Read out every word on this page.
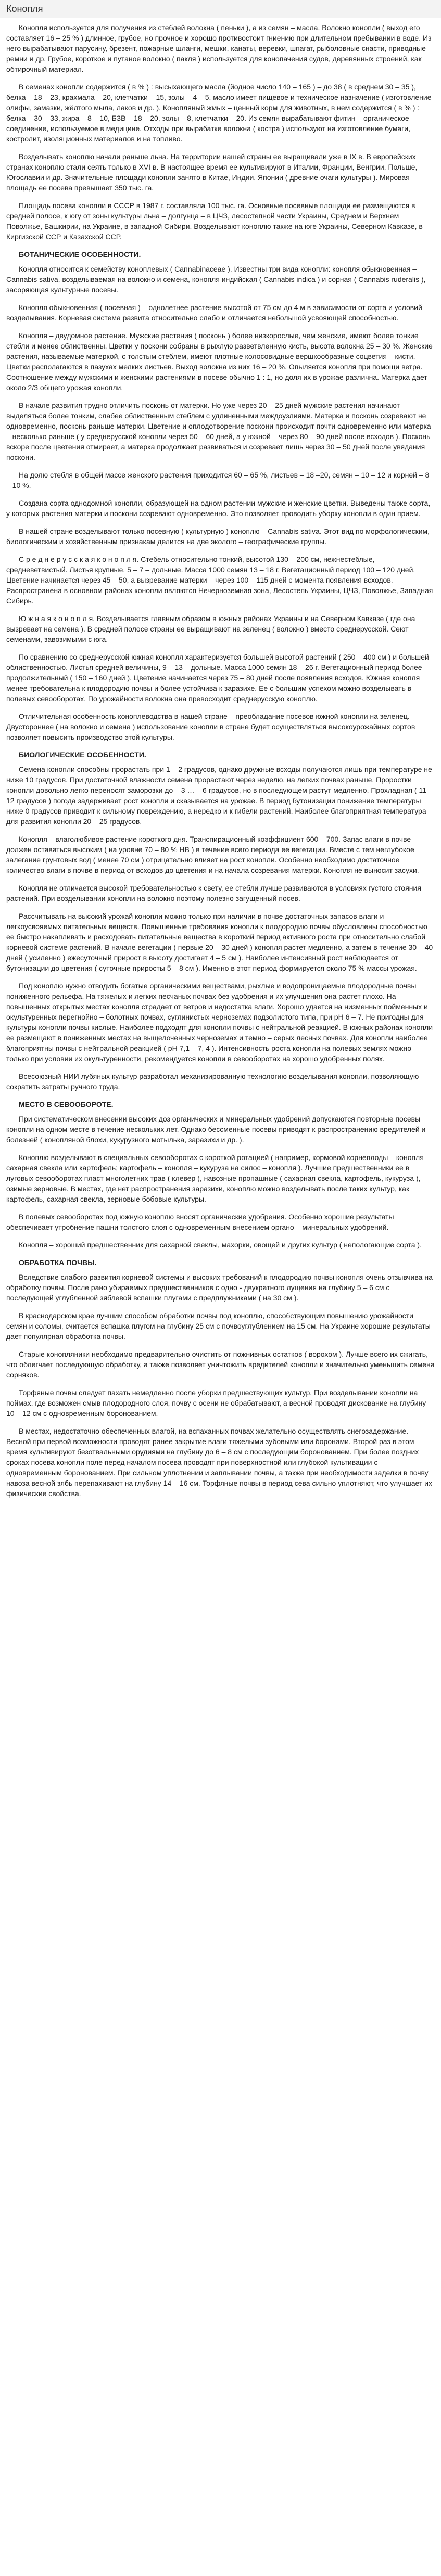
Конопля

Конопля используется для получения из стеблей волокна ( пеньки ), а из семян – масла. Волокно конопли ( выход его составляет 16 – 25 % ) длинное, грубое, но прочное и хорошо противостоит гниению при длительном пребывании в воде. Из него вырабатывают парусину, брезент, пожарные шланги, мешки, канаты, веревки, шпагат, рыболовные снасти, приводные ремни и др. Грубое, короткое и путаное волокно ( пакля ) используется для конопачения судов, деревянных строений, как обтирочный материал.

В семенах конопли содержится ( в % ) : высыхающего масла (йодное число 140 – 165 ) – до 38 ( в среднем 30 – 35 ), белка – 18 – 23, крахмала – 20, клетчатки – 15, золы – 4 – 5. масло имеет пищевое и техническое назначение ( изготовление олифы, замазки, жёлтого мыла, лаков и др. ). Конопляный жмых – ценный корм для животных, в нем содержится ( в % ) : белка – 30 – 33, жира – 8 – 10, БЗВ – 18 – 20, золы – 8, клетчатки – 20. Из семян вырабатывают фитин – органическое соединение, используемое в медицине. Отходы при вырабатке волокна ( костра ) используют на изготовление бумаги, костролит, изоляционных материалов и на топливо.

Возделывать коноплю начали раньше льна. На территории нашей страны ее выращивали уже в IX в. В европейских странах коноплю стали сеять только в XVI в. В настоящее время ее культивируют в Италии, Франции, Венгрии, Польше, Югославии и др. Значительные площади конопли занято в Китае, Индии, Японии ( древние очаги культуры ). Мировая площадь ее посева превышает 350 тыс. га.

Площадь посева конопли в СССР в 1987 г. составляла 100 тыс. га. Основные посевные площади ее размещаются в средней полосе, к югу от зоны культуры льна – долгунца – в ЦЧЗ, лесостепной части Украины, Среднем и Верхнем Поволжье, Башкирии, на Украине, в западной Сибири. Возделывают коноплю также на юге Украины, Северном Кавказе, в Киргизской ССР и Казахской ССР.

БОТАНИЧЕСКИЕ ОСОБЕННОСТИ.

Конопля относится к семейству коноплевых ( Cannabinaceae ). Известны три вида конопли: конопля обыкновенная – Cannabis sativa, возделываемая на волокно и семена, конопля индийская ( Cannabis indica ) и сорная ( Cannabis ruderalis ), засоряющая культурные посевы.

Конопля обыкновенная ( посевная ) – однолетнее растение высотой от 75 см до 4 м в зависимости от сорта и условий возделывания. Корневая система развита относительно слабо и отличается небольшой усвояющей способностью.

Конопля – двудомное растение. Мужские растения ( посконь ) более низкорослые, чем женские, имеют более тонкие стебли и менее облиственны. Цветки у поскони собраны в рыхлую разветвленную кисть, высота волокна 25 – 30 %. Женские растения, называемые матеркой, с толстым стеблем, имеют плотные колосовидные вершкообразные соцветия – кисти. Цветки располагаются в пазухах мелких листьев. Выход волокна из них 16 – 20 %. Опыляется конопля при помощи ветра. Соотношение между мужскими и женскими растениями в посеве обычно 1 : 1, но доля их в урожае различна. Матерка дает около 2/3 общего урожая конопли.

В начале развития трудно отличить посконь от матерки. Но уже через 20 – 25 дней мужские растения начинают выделяться более тонким, слабее облиственным стеблем с удлиненными междоузлиями. Матерка и посконь созревают не одновременно, посконь раньше матерки. Цветение и оплодотворение поскони происходит почти одновременно или матерка – несколько раньше ( у среднерусской конопли через 50 – 60 дней, а у южной – через 80 – 90 дней после всходов ). Посконь вскоре после цветения отмирает, а матерка продолжает развиваться и созревает лишь через 30 – 50 дней после увядания поскони.

На долю стебля в общей массе женского растения приходится 60 – 65 %, листьев – 18 –20, семян – 10 – 12 и корней – 8 – 10 %.

Создана сорта однодомной конопли, образующей на одном растении мужские и женские цветки. Выведены также сорта, у которых растения матерки и поскони созревают одновременно. Это позволяет проводить уборку конопли в один прием.

В нашей стране возделывают только посевную ( культурную ) коноплю – Cannabis sativa. Этот вид по морфологическим, биологическим и хозяйственным признакам делится на две эколого – географические группы.

С р е д н е р у с с к а я к о н о п л я. Стебель относительно тонкий, высотой 130 – 200 см, нежнестеблые, средневетвистый. Листья крупные, 5 – 7 – дольные. Масса 1000 семян 13 – 18 г. Вегетационный период 100 – 120 дней. Цветение начинается через 45 – 50, а вызревание матерки – через 100 – 115 дней с момента появления всходов. Распространена в основном районах конопли являются Нечерноземная зона, Лесостепь Украины, ЦЧЗ, Поволжье, Западная Сибирь.

Ю ж н а я к о н о п л я. Возделывается главным образом в южных районах Украины и на Северном Кавказе ( где она вызревает на семена ). В средней полосе страны ее выращивают на зеленец ( волокно ) вместо среднерусской. Сеют семенами, завозимыми с юга.

По сравнению со среднерусской южная конопля характеризуется большей высотой растений ( 250 – 400 см ) и большей облиственностью. Листья средней величины, 9 – 13 – дольные. Масса 1000 семян 18 – 26 г. Вегетационный период более продолжительный ( 150 – 160 дней ). Цветение начинается через 75 – 80 дней после появления всходов. Южная конопля менее требовательна к плодородию почвы и более устойчива к заразихе. Ее с большим успехом можно возделывать в полевых севооборотах. По урожайности волокна она превосходит среднерусскую коноплю.

Отличительная особенность коноплеводства в нашей стране – преобладание посевов южной конопли на зеленец. Двустороннее ( на волокно и семена ) использование конопли в стране будет осуществляться высокоурожайных сортов позволяет повысить производство этой культуры.

БИОЛОГИЧЕСКИЕ ОСОБЕННОСТИ.

Семена конопли способны прорастать при 1 – 2 градусов, однако дружные всходы получаются лишь при температуре не ниже 10 градусов. При достаточной влажности семена прорастают через неделю, на легких почвах раньше. Проростки конопли довольно легко переносят заморозки до – 3 … – 6 градусов, но в последующем растут медленно. Прохладная ( 11 – 12 градусов ) погода задерживает рост конопли и сказывается на урожае. В период бутонизации понижение температуры ниже 0 градусов приводит к сильному повреждению, а нередко и к гибели растений. Наиболее благоприятная температура для развития конопли 20 – 25 градусов.

Конопля – влаголюбивое растение короткого дня. Транспирационный коэффициент 600 – 700. Запас влаги в почве должен оставаться высоким ( на уровне 70 – 80 % НВ ) в течение всего периода ее вегетации. Вместе с тем неглубокое залегание грунтовых вод ( менее 70 см ) отрицательно влияет на рост конопли. Особенно необходимо достаточное количество влаги в почве в период от всходов до цветения и на начала созревания матерки. Конопля не выносит засухи.

Конопля не отличается высокой требовательностью к свету, ее стебли лучше развиваются в условиях густого стояния растений. При возделывании конопли на волокно поэтому полезно загущенный посев.

Рассчитывать на высокий урожай конопли можно только при наличии в почве достаточных запасов влаги и легкоусвояемых питательных веществ. Повышенные требования конопли к плодородию почвы обусловлены способностью ее быстро накапливать и расходовать питательные вещества в короткий период активного роста при относительно слабой корневой системе растений. В начале вегетации ( первые 20 – 30 дней ) конопля растет медленно, а затем в течение 30 – 40 дней ( усиленно ) ежесуточный прирост в высоту достигает 4 – 5 см ). Наиболее интенсивный рост наблюдается от бутонизации до цветения ( суточные приросты 5 – 8 см ). Именно в этот период формируется около 75 % массы урожая.

Под коноплю нужно отводить богатые органическими веществами, рыхлые и водопроницаемые плодородные почвы пониженного рельефа. На тяжелых и легких песчаных почвах без удобрения и их улучшения она растет плохо. На повышенных открытых местах конопля страдает от ветров и недостатка влаги. Хорошо удается на низменных пойменных и окультуренных перегнойно – болотных почвах, суглинистых черноземах подзолистого типа, при рН 6 – 7. Не пригодны для культуры конопли почвы кислые. Наиболее подходят для конопли почвы с нейтральной реакцией. В южных районах конопли ее размещают в пониженных местах на выщелоченных черноземах и темно – серых лесных почвах. Для конопли наиболее благоприятны почвы с нейтральной реакцией ( рН 7,1 – 7, 4 ). Интенсивность роста конопли на полевых землях можно только при условии их окультуренности, рекомендуется конопли в севооборотах на хорошо удобренных полях.

Всесоюзный НИИ лубяных культур разработал механизированную технологию возделывания конопли, позволяющую сократить затраты ручного труда.

МЕСТО В СЕВООБОРОТЕ.

При систематическом внесении высоких доз органических и минеральных удобрений допускаются повторные посевы конопли на одном месте в течение нескольких лет. Однако бессменные посевы приводят к распространению вредителей и болезней ( конопляной блохи, кукурузного мотылька, заразихи и др. ).

Коноплю возделывают в специальных севооборотах с короткой ротацией ( например, кормовой корнеплоды – конопля – сахарная свекла или картофель; картофель – конопля – кукуруза на силос – конопля ). Лучшие предшественники ее в луговых севооборотах пласт многолетних трав ( клевер ), навозные пропашные ( сахарная свекла, картофель, кукуруза ), озимые зерновые. В местах, где нет распространения заразихи, коноплю можно возделывать после таких культур, как картофель, сахарная свекла, зерновые бобовые культуры.

В полевых севооборотах под южную коноплю вносят органические удобрения. Особенно хорошие результаты обеспечивает утробнение пашни толстого слоя с одновременным внесением органо – минеральных удобрений.

Конопля – хороший предшественник для сахарной свеклы, махорки, овощей и других культур ( непологающие сорта ).

ОБРАБОТКА ПОЧВЫ.

Вследствие слабого развития корневой системы и высоких требований к плодородию почвы конопля очень отзывчива на обработку почвы. После рано убираемых предшественников с одно - двукратного лущения на глубину 5 – 6 см с последующей углубленной зяблевой вспашки плугами с предплужниками ( на 30 см ).

В краснодарском крае лучшим способом обработки почвы под коноплю, способствующим повышению урожайности семян и соломы, считается вспашка плугом на глубину 25 см с почвоуглублением на 15 см. На Украине хорошие результаты дает популярная обработка почвы.

Старые конопляники необходимо предварительно очистить от пожнивных остатков ( ворохом ). Лучше всего их сжигать, что облегчает последующую обработку, а также позволяет уничтожить вредителей конопли и значительно уменьшить семена сорняков.

Торфяные почвы следует пахать немедленно после уборки предшествующих культур. При возделывании конопли на поймах, где возможен смыв плодородного слоя, почву с осени не обрабатывают, а весной проводят дискование на глубину 10 – 12 см с одновременным боронованием.

В местах, недостаточно обеспеченных влагой, на вспаханных почвах желательно осуществлять снегозадержание. Весной при первой возможности проводят ранее закрытие влаги тяжелыми зубовыми или боронами. Второй раз в этом время культивируют безотвальными орудиями на глубину до 6 – 8 см с последующим боронованием. При более поздних сроках посева конопли поле перед началом посева проводят при поверхностной или глубокой культивации с одновременным боронованием. При сильном уплотнении и заплывании почвы, а также при необходимости заделки в почву навоза весной зябь перепахивают на глубину 14 – 16 см. Торфяные почвы в период сева сильно уплотняют, что улучшает их физические свойства.
